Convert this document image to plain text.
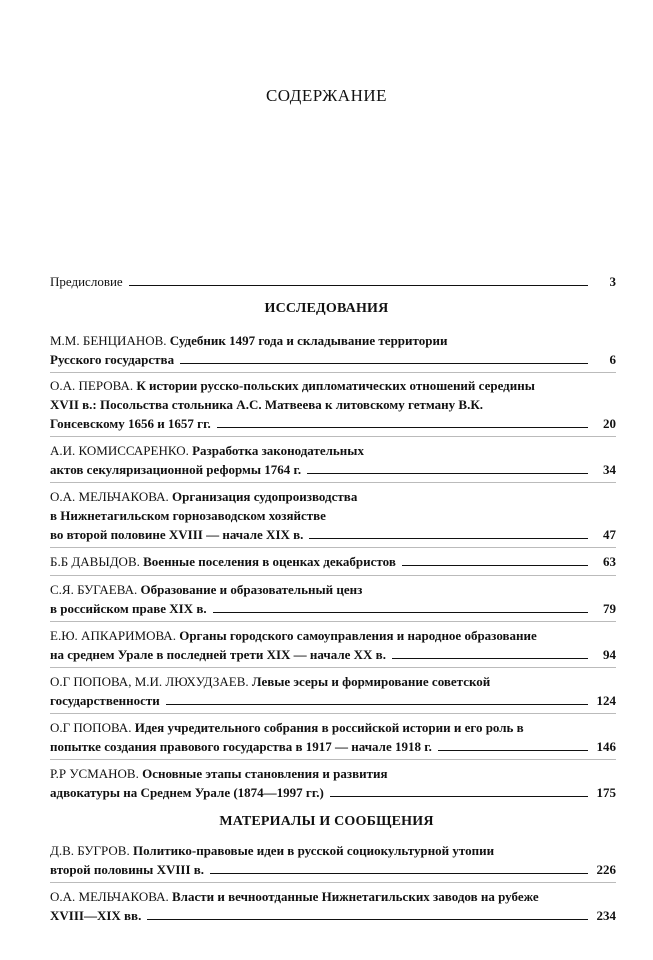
СОДЕРЖАНИЕ
Предисловие	3
ИССЛЕДОВАНИЯ
М.М. БЕНЦИАНОВ.
Судебник 1497 года и складывание территории
Русского государства	6
О.А. ПЕРОВА.
К истории русско-польских дипломатических отношений середины
XVII в.: Посольства стольника А.С. Матвеева к литовскому гетману В.К.
Гонсевскому 1656 и 1657 гг.	20
А.И. КОМИССАРЕНКО.
Разработка законодательных
актов секуляризационной реформы 1764 г.	34
О.А. МЕЛЬЧАКОВА.
Организация судопроизводства
в Нижнетагильском горнозаводском хозяйстве
во второй половине XVIII — начале XIX в.	47
Б.Б ДАВЫДОВ.
Военные поселения в оценках декабристов	63
С.Я. БУГАЕВА.
Образование и образовательный ценз
в российском праве XIX в.	79
Е.Ю. АПКАРИМОВА.
Органы городского самоуправления и народное образование
на среднем Урале в последней трети XIX — начале XX в.	94
О.Г ПОПОВА, М.И. ЛЮХУДЗАЕВ.
Левые эсеры и формирование советской
государственности	124
О.Г ПОПОВА.
Идея учредительного собрания в российской истории и его роль в
попытке создания правового государства в 1917 — начале 1918 г.	146
Р.Р УСМАНОВ.
Основные этапы становления и развития
адвокатуры на Среднем Урале (1874—1997 гг.)	175
МАТЕРИАЛЫ И СООБЩЕНИЯ
Д.В. БУГРОВ.
Политико-правовые идеи в русской социокультурной утопии
второй половины XVIII в.	226
О.А. МЕЛЬЧАКОВА.
Власти и вечноотданные Нижнетагильских заводов на рубеже
XVIII—XIX вв.	234
